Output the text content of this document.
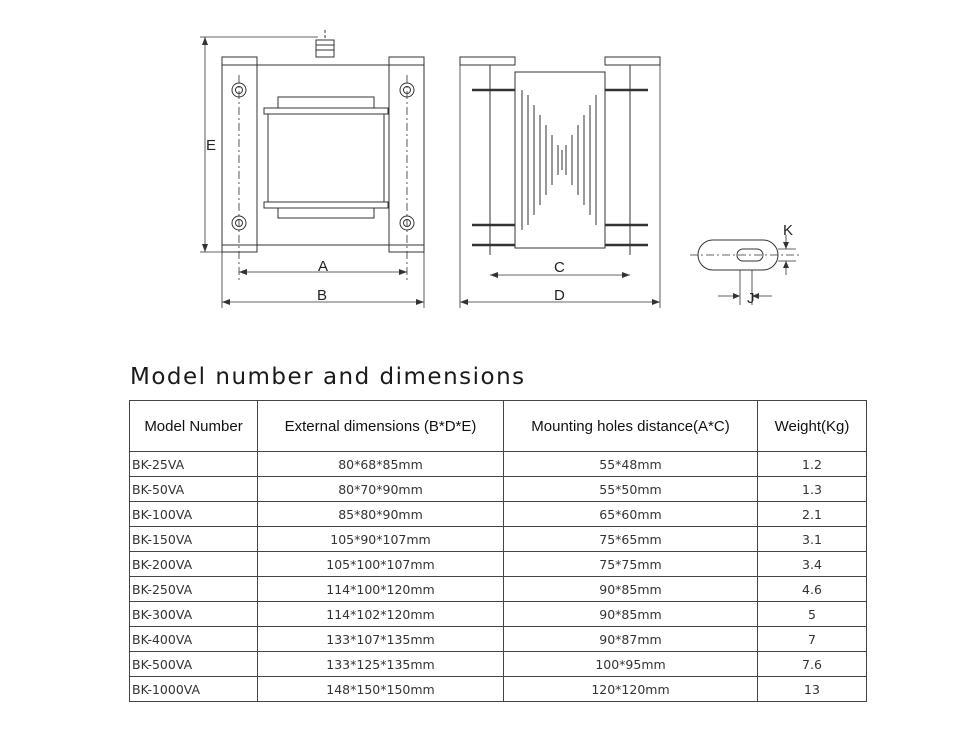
E
A
B
C
D
K
J
Model number and dimensions
Model Number	External dimensions (B*D*E)	Mounting holes distance(A*C)	Weight(Kg)
BK-25VA	80*68*85mm	55*48mm	1.2
BK-50VA	80*70*90mm	55*50mm	1.3
BK-100VA	85*80*90mm	65*60mm	2.1
BK-150VA	105*90*107mm	75*65mm	3.1
BK-200VA	105*100*107mm	75*75mm	3.4
BK-250VA	114*100*120mm	90*85mm	4.6
BK-300VA	114*102*120mm	90*85mm	5
BK-400VA	133*107*135mm	90*87mm	7
BK-500VA	133*125*135mm	100*95mm	7.6
BK-1000VA	148*150*150mm	120*120mm	13
